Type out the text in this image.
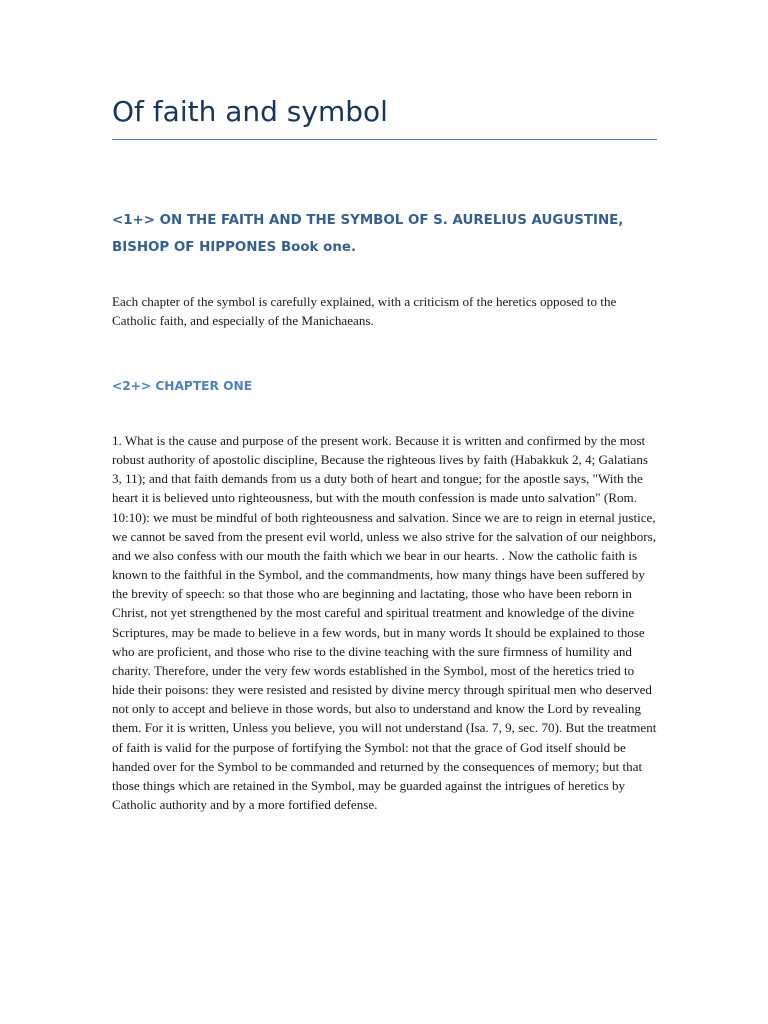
Of faith and symbol
<1+> ON THE FAITH AND THE SYMBOL OF S. AURELIUS AUGUSTINE, BISHOP OF HIPPONES Book one.

Each chapter of the symbol is carefully explained, with a criticism of the heretics opposed to the Catholic faith, and especially of the Manichaeans.

<2+> CHAPTER ONE

1. What is the cause and purpose of the present work. Because it is written and confirmed by the most robust authority of apostolic discipline, Because the righteous lives by faith (Habakkuk 2, 4; Galatians 3, 11); and that faith demands from us a duty both of heart and tongue; for the apostle says, "With the heart it is believed unto righteousness, but with the mouth confession is made unto salvation" (Rom. 10:10): we must be mindful of both righteousness and salvation. Since we are to reign in eternal justice, we cannot be saved from the present evil world, unless we also strive for the salvation of our neighbors, and we also confess with our mouth the faith which we bear in our hearts. . Now the catholic faith is known to the faithful in the Symbol, and the commandments, how many things have been suffered by the brevity of speech: so that those who are beginning and lactating, those who have been reborn in Christ, not yet strengthened by the most careful and spiritual treatment and knowledge of the divine Scriptures, may be made to believe in a few words, but in many words It should be explained to those who are proficient, and those who rise to the divine teaching with the sure firmness of humility and charity. Therefore, under the very few words established in the Symbol, most of the heretics tried to hide their poisons: they were resisted and resisted by divine mercy through spiritual men who deserved not only to accept and believe in those words, but also to understand and know the Lord by revealing them. For it is written, Unless you believe, you will not understand (Isa. 7, 9, sec. 70). But the treatment of faith is valid for the purpose of fortifying the Symbol: not that the grace of God itself should be handed over for the Symbol to be commanded and returned by the consequences of memory; but that those things which are retained in the Symbol, may be guarded against the intrigues of heretics by Catholic authority and by a more fortified defense.
